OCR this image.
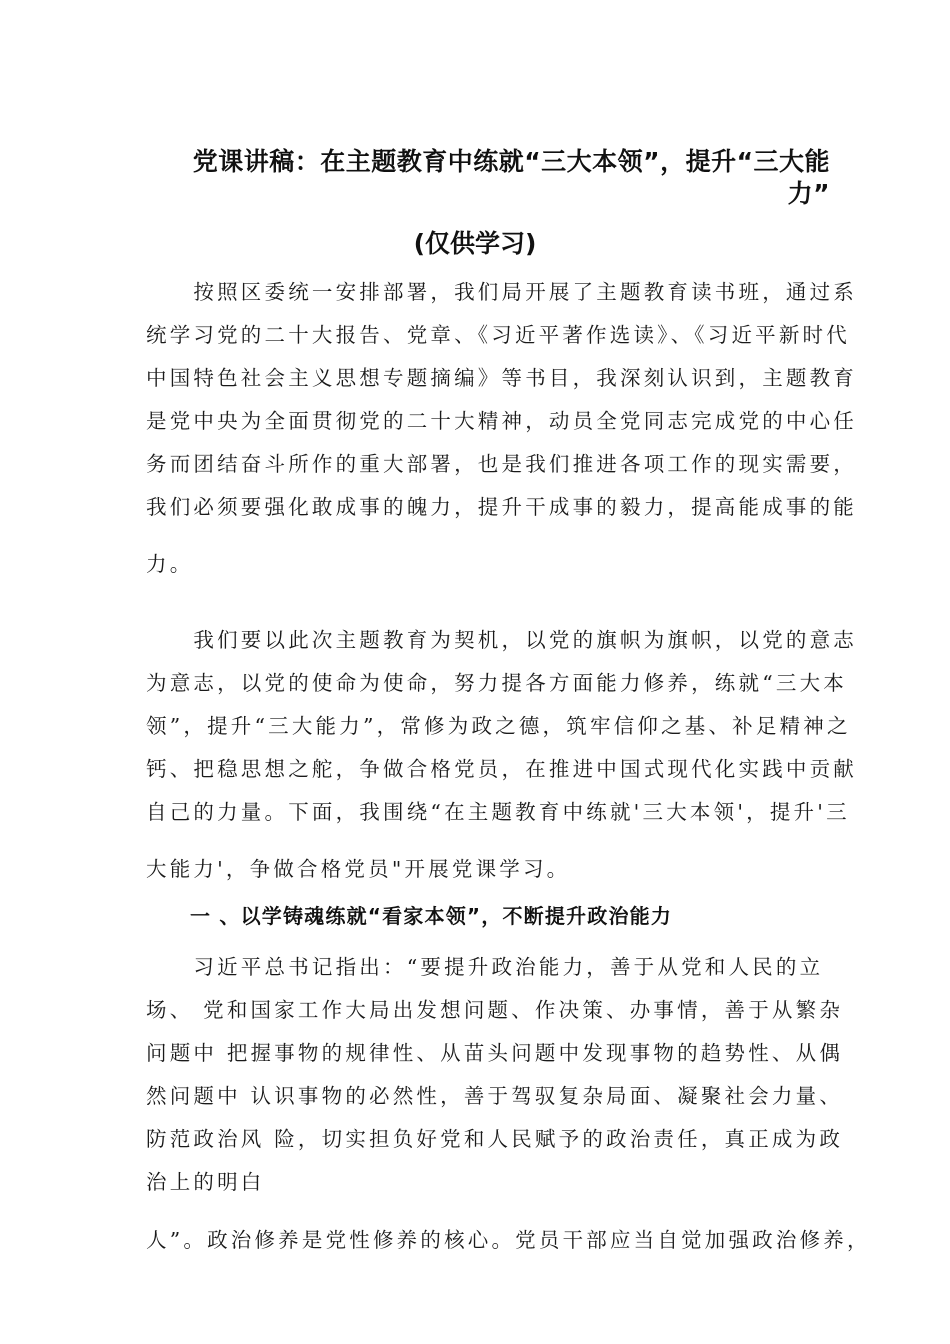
党课讲稿：在主题教育中练就“三大本领”，提升“三大能
力”
(仅供学习)
　　按照区委统一安排部署，我们局开展了主题教育读书班，通过系
统学习党的二十大报告、党章、《习近平著作选读》、《习近平新时代
中国特色社会主义思想专题摘编》等书目，我深刻认识到，主题教育
是党中央为全面贯彻党的二十大精神，动员全党同志完成党的中心任
务而团结奋斗所作的重大部署，也是我们推进各项工作的现实需要，
我们必须要强化敢成事的魄力，提升干成事的毅力，提高能成事的能
力。
　　我们要以此次主题教育为契机，以党的旗帜为旗帜，以党的意志
为意志，以党的使命为使命，努力提各方面能力修养，练就“三大本
领”，提升“三大能力”，常修为政之德，筑牢信仰之基、补足精神之
钙、把稳思想之舵，争做合格党员，在推进中国式现代化实践中贡献
自己的力量。下面，我围绕“在主题教育中练就'三大本领'，提升'三
大能力'，争做合格党员"开展党课学习。
一 、以学铸魂练就“看家本领”，不断提升政治能力
　　习近平总书记指出：“要提升政治能力，善于从党和人民的立
场、 党和国家工作大局出发想问题、作决策、办事情，善于从繁杂
问题中 把握事物的规律性、从苗头问题中发现事物的趋势性、从偶
然问题中 认识事物的必然性，善于驾驭复杂局面、凝聚社会力量、
防范政治风 险，切实担负好党和人民赋予的政治责任，真正成为政
治上的明白
人”。政治修养是党性修养的核心。党员干部应当自觉加强政治修养，
